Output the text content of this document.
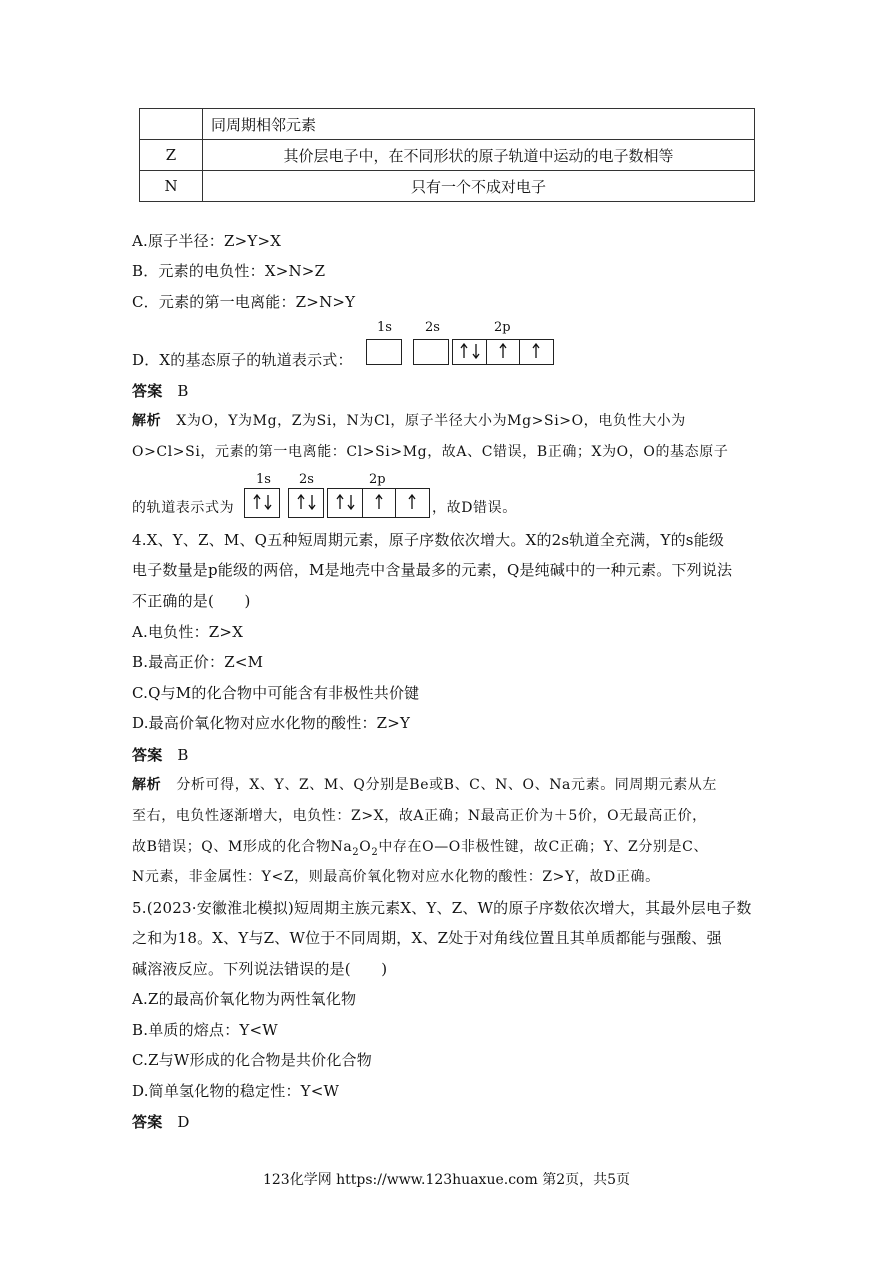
	同周期相邻元素
Z	其价层电子中，在不同形状的原子轨道中运动的电子数相等
N	只有一个不成对电子
A.原子半径：Z>Y>X
B．元素的电负性：X>N>Z
C．元素的第一电离能：Z>N>Y
D．X的基态原子的轨道表示式：
1s	2s	2p
答案 B
解析 X为O，Y为Mg，Z为Si，N为Cl，原子半径大小为Mg>Si>O，电负性大小为
O>Cl>Si，元素的第一电离能：Cl>Si>Mg，故A、C错误，B正确；X为O，O的基态原子
的轨道表示式为
1s 2s	2p
，故D错误。
4.X、Y、Z、M、Q五种短周期元素，原子序数依次增大。X的2s轨道全充满，Y的s能级
电子数量是p能级的两倍，M是地壳中含量最多的元素，Q是纯碱中的一种元素。下列说法
不正确的是(　　)
A.电负性：Z>X
B.最高正价：Z<M
C.Q与M的化合物中可能含有非极性共价键
D.最高价氧化物对应水化物的酸性：Z>Y
答案 B
解析 分析可得，X、Y、Z、M、Q分别是Be或B、C、N、O、Na元素。同周期元素从左
至右，电负性逐渐增大，电负性：Z>X，故A正确；N最高正价为＋5价，O无最高正价，
故B错误；Q、M形成的化合物$Na_2O_2$中存在O—O非极性键，故C正确；Y、Z分别是C、
N元素，非金属性：Y<Z，则最高价氧化物对应水化物的酸性：Z>Y，故D正确。
5.(2023·安徽淮北模拟)短周期主族元素X、Y、Z、W的原子序数依次增大，其最外层电子数
之和为18。X、Y与Z、W位于不同周期，X、Z处于对角线位置且其单质都能与强酸、强
碱溶液反应。下列说法错误的是(　　)
A.Z的最高价氧化物为两性氧化物
B.单质的熔点：Y<W
C.Z与W形成的化合物是共价化合物
D.简单氢化物的稳定性：Y<W
答案 D
123化学网 https://www.123huaxue.com 第2页，共5页
